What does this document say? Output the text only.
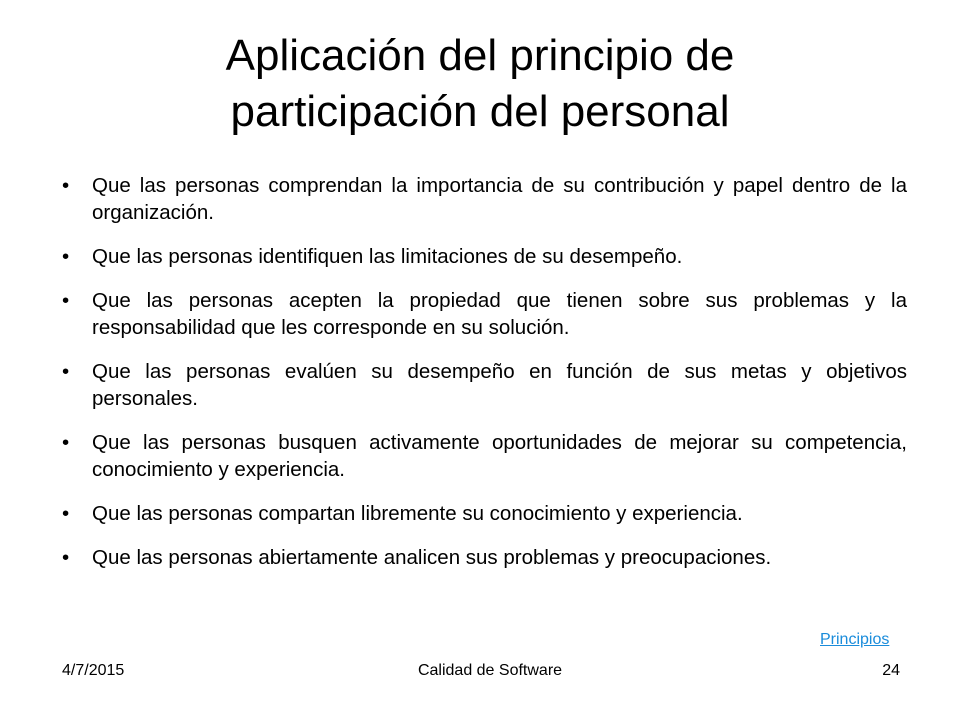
Aplicación del principio de
participación del personal
• Que las personas comprendan la importancia de su contribución y papel dentro de la organización.
• Que las personas identifiquen las limitaciones de su desempeño.
• Que las personas acepten la propiedad que tienen sobre sus problemas y la responsabilidad que les corresponde en su solución.
• Que las personas evalúen su desempeño en función de sus metas y objetivos personales.
• Que las personas busquen activamente oportunidades de mejorar su competencia, conocimiento y experiencia.
• Que las personas compartan libremente su conocimiento y experiencia.
• Que las personas abiertamente analicen sus problemas y preocupaciones.
Principios
4/7/2015	Calidad de Software	24
